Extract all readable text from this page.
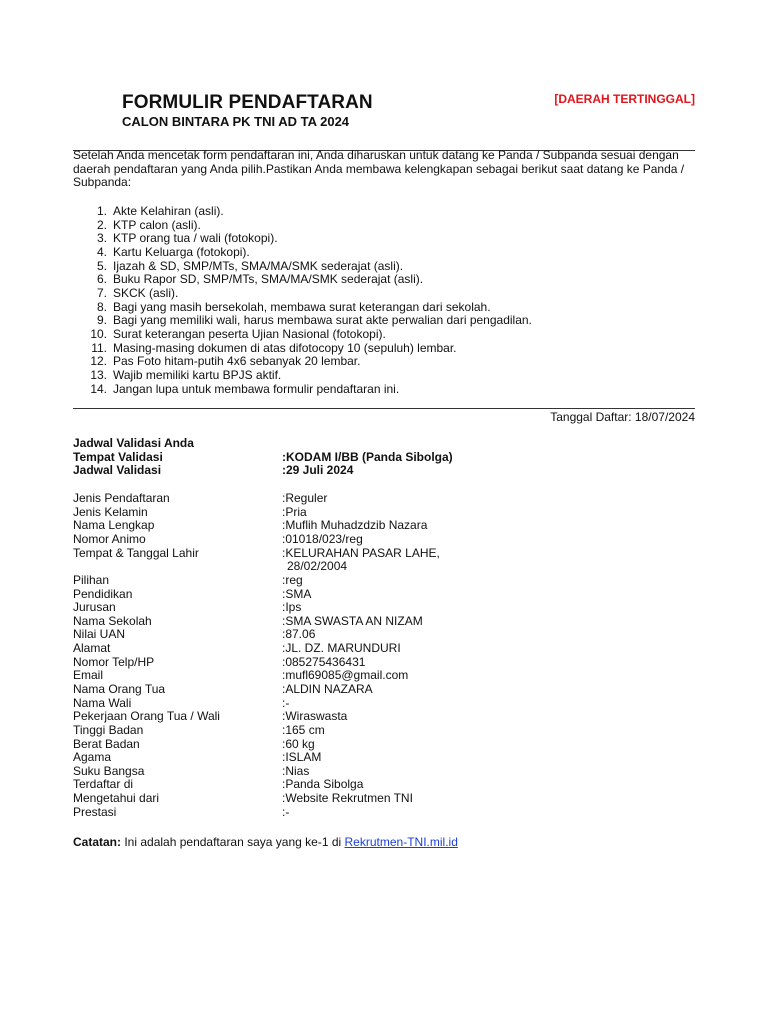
FORMULIR PENDAFTARAN
CALON BINTARA PK TNI AD TA 2024
[DAERAH TERTINGGAL]

Setelah Anda mencetak form pendaftaran ini, Anda diharuskan untuk datang ke Panda / Subpanda sesuai dengan daerah pendaftaran yang Anda pilih.Pastikan Anda membawa kelengkapan sebagai berikut saat datang ke Panda / Subpanda:

1. Akte Kelahiran (asli).
2. KTP calon (asli).
3. KTP orang tua / wali (fotokopi).
4. Kartu Keluarga (fotokopi).
5. Ijazah & SD, SMP/MTs, SMA/MA/SMK sederajat (asli).
6. Buku Rapor SD, SMP/MTs, SMA/MA/SMK sederajat (asli).
7. SKCK (asli).
8. Bagi yang masih bersekolah, membawa surat keterangan dari sekolah.
9. Bagi yang memiliki wali, harus membawa surat akte perwalian dari pengadilan.
10. Surat keterangan peserta Ujian Nasional (fotokopi).
11. Masing-masing dokumen di atas difotocopy 10 (sepuluh) lembar.
12. Pas Foto hitam-putih 4x6 sebanyak 20 lembar.
13. Wajib memiliki kartu BPJS aktif.
14. Jangan lupa untuk membawa formulir pendaftaran ini.
Tanggal Daftar: 18/07/2024
Jadwal Validasi Anda
Tempat Validasi	:KODAM I/BB (Panda Sibolga)
Jadwal Validasi	:29 Juli 2024
Jenis Pendaftaran	:Reguler
Jenis Kelamin	:Pria
Nama Lengkap	:Muflih Muhadzdzib Nazara
Nomor Animo	:01018/023/reg
Tempat & Tanggal Lahir	:KELURAHAN PASAR LAHE,
28/02/2004
Pilihan	:reg
Pendidikan	:SMA
Jurusan	:Ips
Nama Sekolah	:SMA SWASTA AN NIZAM
Nilai UAN	:87.06
Alamat	:JL. DZ. MARUNDURI
Nomor Telp/HP	:085275436431
Email	:mufl69085@gmail.com
Nama Orang Tua	:ALDIN NAZARA
Nama Wali	:-
Pekerjaan Orang Tua / Wali	:Wiraswasta
Tinggi Badan	:165 cm
Berat Badan	:60 kg
Agama	:ISLAM
Suku Bangsa	:Nias
Terdaftar di	:Panda Sibolga
Mengetahui dari	:Website Rekrutmen TNI
Prestasi	:-
Catatan: Ini adalah pendaftaran saya yang ke-1 di Rekrutmen-TNI.mil.id
